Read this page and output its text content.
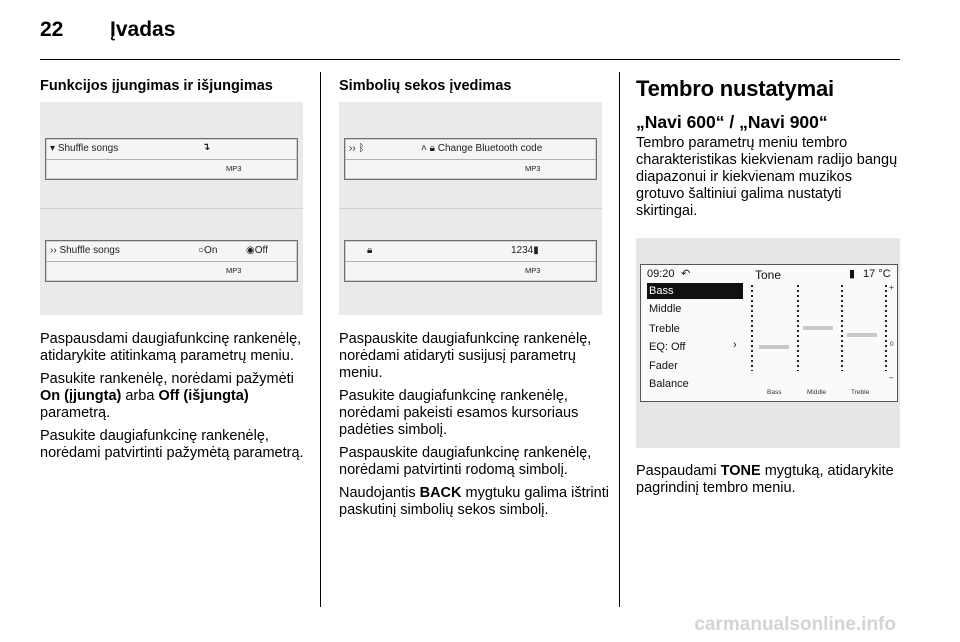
22 Įvadas

Funkcijos įjungimas ir išjungimas

▾ Shuffle songs	↴
MP3
›› Shuffle songs	○On	◉Off
MP3

Paspausdami daugiafunkcinę rankenėlę, atidarykite atitinkamą parametrų meniu.

Pasukite rankenėlę, norėdami pažymėti On (įjungta) arba Off (išjungta) parametrą.

Pasukite daugiafunkcinę rankenėlę, norėdami patvirtinti pažymėtą parametrą.

Simbolių sekos įvedimas

›› ᛒ	˄ 🔒︎ Change Bluetooth code
MP3
🔒︎	1234▮
MP3

Paspauskite daugiafunkcinę rankenėlę, norėdami atidaryti susijusį parametrų meniu.

Pasukite daugiafunkcinę rankenėlę, norėdami pakeisti esamos kursoriaus padėties simbolį.

Paspauskite daugiafunkcinę rankenėlę, norėdami patvirtinti rodomą simbolį.

Naudojantis BACK mygtuku galima ištrinti paskutinį simbolių sekos simbolį.

Tembro nustatymai

„Navi 600“ / „Navi 900“

Tembro parametrų meniu tembro charakteristikas kiekvienam radijo bangų diapazonui ir kiekvienam muzikos grotuvo šaltiniui galima nustatyti skirtingai.

09:20 ↶	Tone	▮ 17 °C
Bass
Middle
Treble
EQ: Off	›
Fader
Balance
+
0
–
Bass	Middle	Treble

Paspaudami TONE mygtuką, atidarykite pagrindinį tembro meniu.

carmanualsonline.info
